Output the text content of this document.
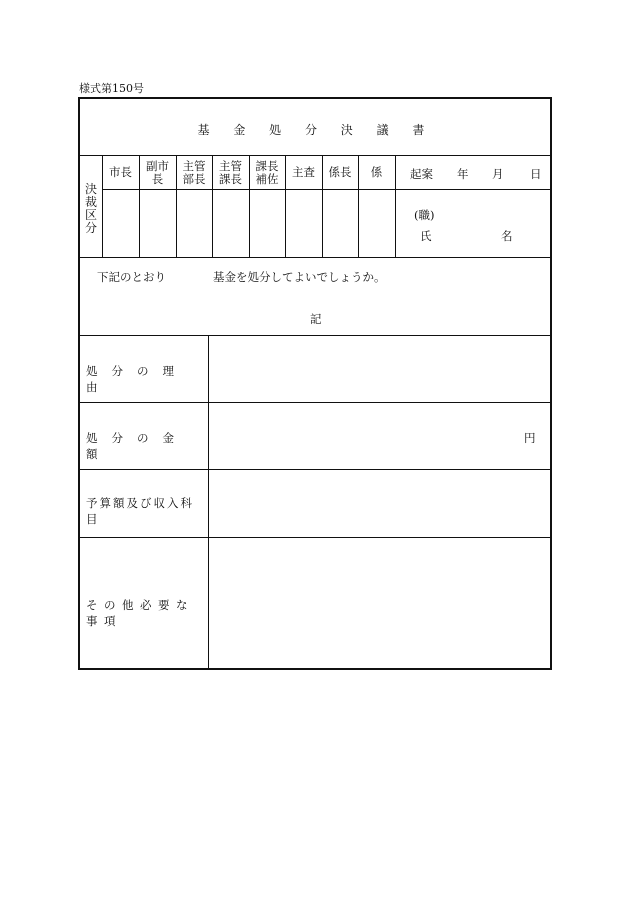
様式第150号
基 金 処 分 決 議 書
決裁区分
市長 副市
長
主管
部長
主管
課長
課長
補佐 主査 係長 係 起案 年 月 日
(職)
氏	名
下記のとおり	基金を処分してよいでしょうか。
記
処分の理由
処分の金額
円
予算額及び収入科目
その他必要な事項
